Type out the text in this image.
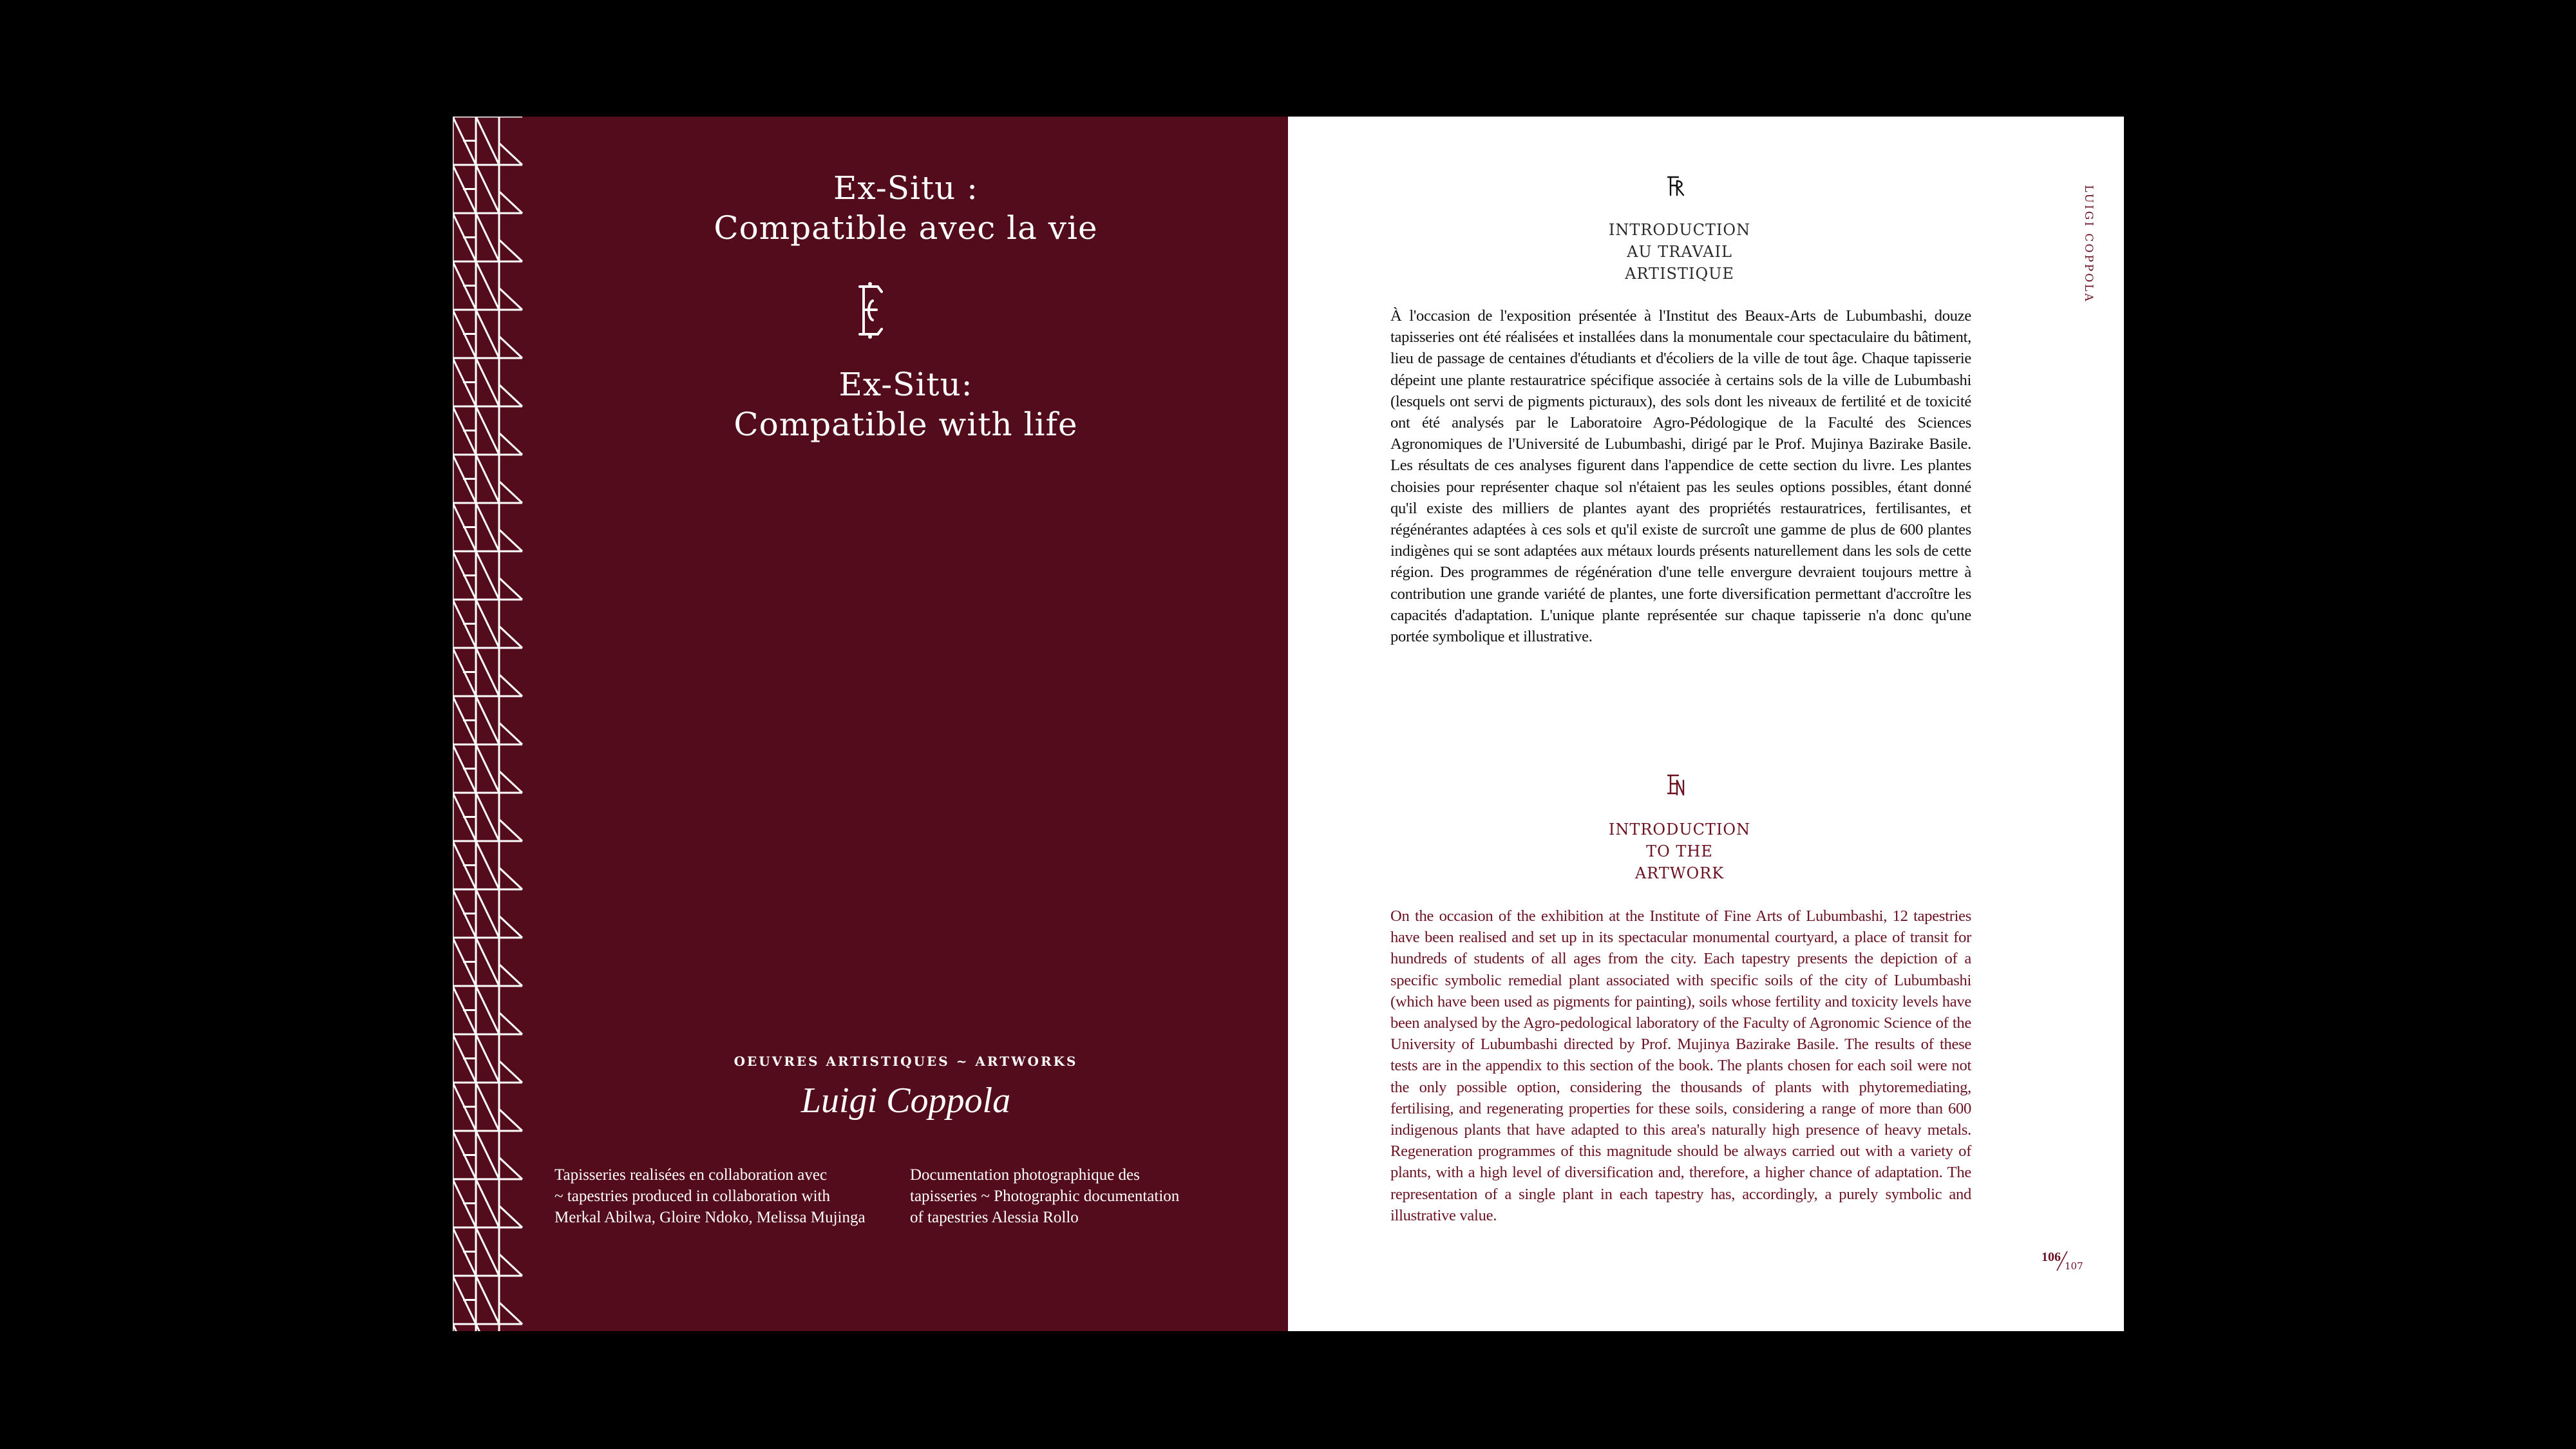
Ex-Situ :
Compatible avec la vie
Ex-Situ:
Compatible with life
OEUVRES ARTISTIQUES ~ ARTWORKS
Luigi Coppola
Tapisseries realisées en collaboration avec
~ tapestries produced in collaboration with
Merkal Abilwa, Gloire Ndoko, Melissa Mujinga
Documentation photographique des
tapisseries ~ Photographic documentation
of tapestries Alessia Rollo
INTRODUCTION
AU TRAVAIL
ARTISTIQUE
À l'occasion de l'exposition présentée à l'Institut des Beaux-Arts de Lubumbashi, douze tapisseries ont été réalisées et installées dans la monumentale cour spectaculaire du bâtiment, lieu de passage de centaines d'étudiants et d'écoliers de la ville de tout âge. Chaque tapisserie dépeint une plante restauratrice spécifique associée à certains sols de la ville de Lubumbashi (lesquels ont servi de pigments picturaux), des sols dont les niveaux de fertilité et de toxicité ont été analysés par le Laboratoire Agro-Pédologique de la Faculté des Sciences Agronomiques de l'Université de Lubumbashi, dirigé par le Prof. Mujinya Bazirake Basile. Les résultats de ces analyses figurent dans l'appendice de cette section du livre. Les plantes choisies pour représenter chaque sol n'étaient pas les seules options possibles, étant donné qu'il existe des milliers de plantes ayant des propriétés restauratrices, fertilisantes, et régénérantes adaptées à ces sols et qu'il existe de surcroît une gamme de plus de 600 plantes indigènes qui se sont adaptées aux métaux lourds présents naturellement dans les sols de cette région. Des programmes de régénération d'une telle envergure devraient toujours mettre à contribution une grande variété de plantes, une forte diversification permettant d'accroître les capacités d'adaptation. L'unique plante représentée sur chaque tapisserie n'a donc qu'une portée symbolique et illustrative.
INTRODUCTION
TO THE
ARTWORK
On the occasion of the exhibition at the Institute of Fine Arts of Lubumbashi, 12 tapestries have been realised and set up in its spectacular monumental courtyard, a place of transit for hundreds of students of all ages from the city. Each tapestry presents the depiction of a specific symbolic remedial plant associated with specific soils of the city of Lubumbashi (which have been used as pigments for painting), soils whose fertility and toxicity levels have been analysed by the Agro-pedological laboratory of the Faculty of Agronomic Science of the University of Lubumbashi directed by Prof. Mujinya Bazirake Basile. The results of these tests are in the appendix to this section of the book. The plants chosen for each soil were not the only possible option, considering the thousands of plants with phytoremediating, fertilising, and regenerating properties for these soils, considering a range of more than 600 indigenous plants that have adapted to this area's naturally high presence of heavy metals. Regeneration programmes of this magnitude should be always carried out with a variety of plants, with a high level of diversification and, therefore, a higher chance of adaptation. The representation of a single plant in each tapestry has, accordingly, a purely symbolic and illustrative value.
LUIGI COPPOLA
106
107
